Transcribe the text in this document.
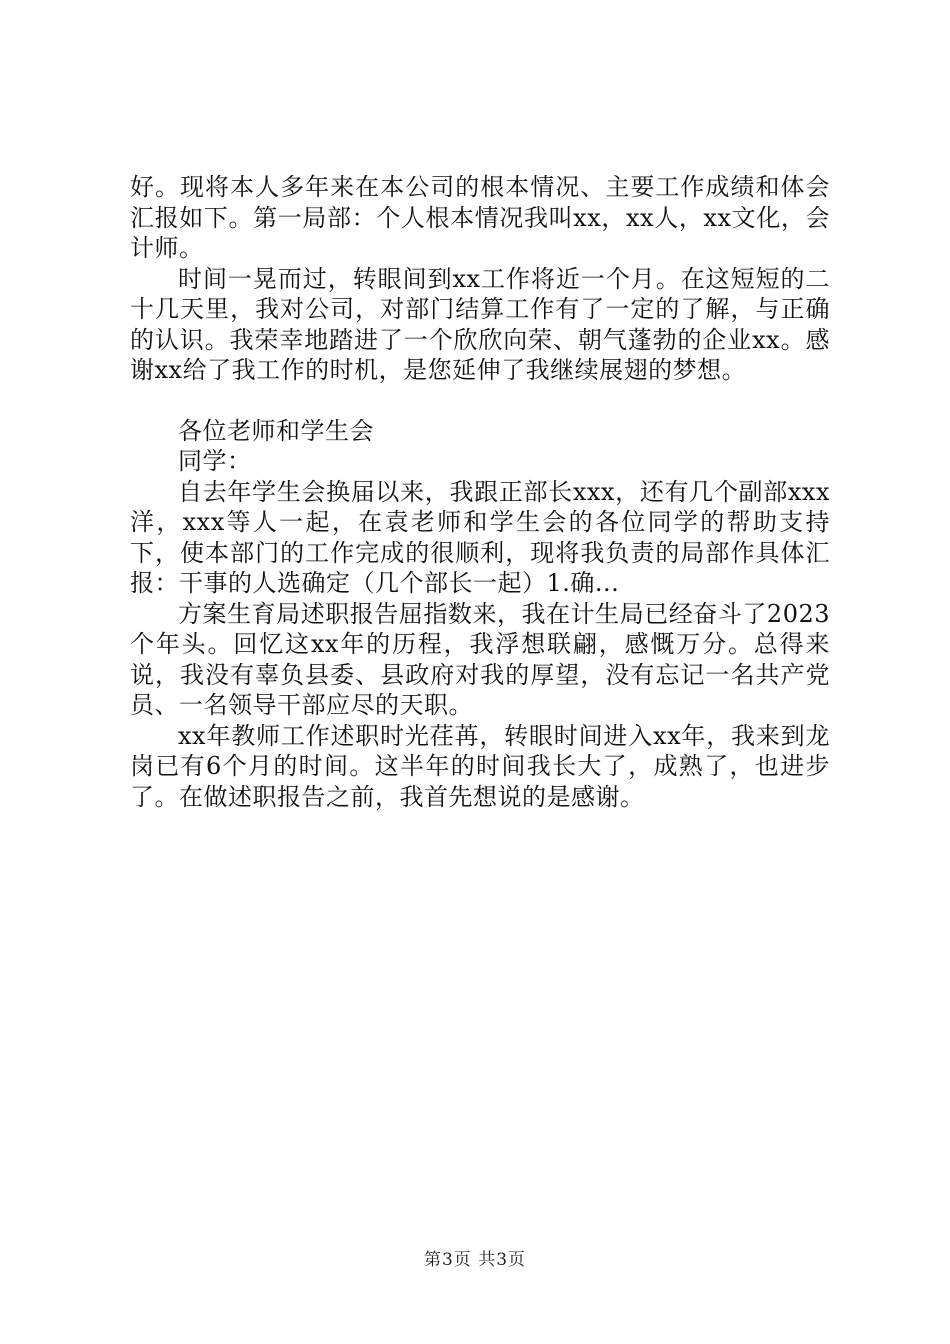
好。现将本人多年来在本公司的根本情况、主要工作成绩和体会汇报如下。第一局部：个人根本情况我叫xx，xx人，xx文化，会计师。

时间一晃而过，转眼间到xx工作将近一个月。在这短短的二十几天里，我对公司，对部门结算工作有了一定的了解，与正确的认识。我荣幸地踏进了一个欣欣向荣、朝气蓬勃的企业xx。感谢xx给了我工作的时机，是您延伸了我继续展翅的梦想。

各位老师和学生会

同学：

自去年学生会换届以来，我跟正部长xxx，还有几个副部xxx洋，xxx等人一起，在袁老师和学生会的各位同学的帮助支持下，使本部门的工作完成的很顺利，现将我负责的局部作具体汇报：干事的人选确定（几个部长一起）1.确...

方案生育局述职报告屈指数来，我在计生局已经奋斗了2023个年头。回忆这xx年的历程，我浮想联翩，感慨万分。总得来说，我没有辜负县委、县政府对我的厚望，没有忘记一名共产党员、一名领导干部应尽的天职。

xx年教师工作述职时光荏苒，转眼时间进入xx年，我来到龙岗已有6个月的时间。这半年的时间我长大了，成熟了，也进步了。在做述职报告之前，我首先想说的是感谢。

第3页 共3页
